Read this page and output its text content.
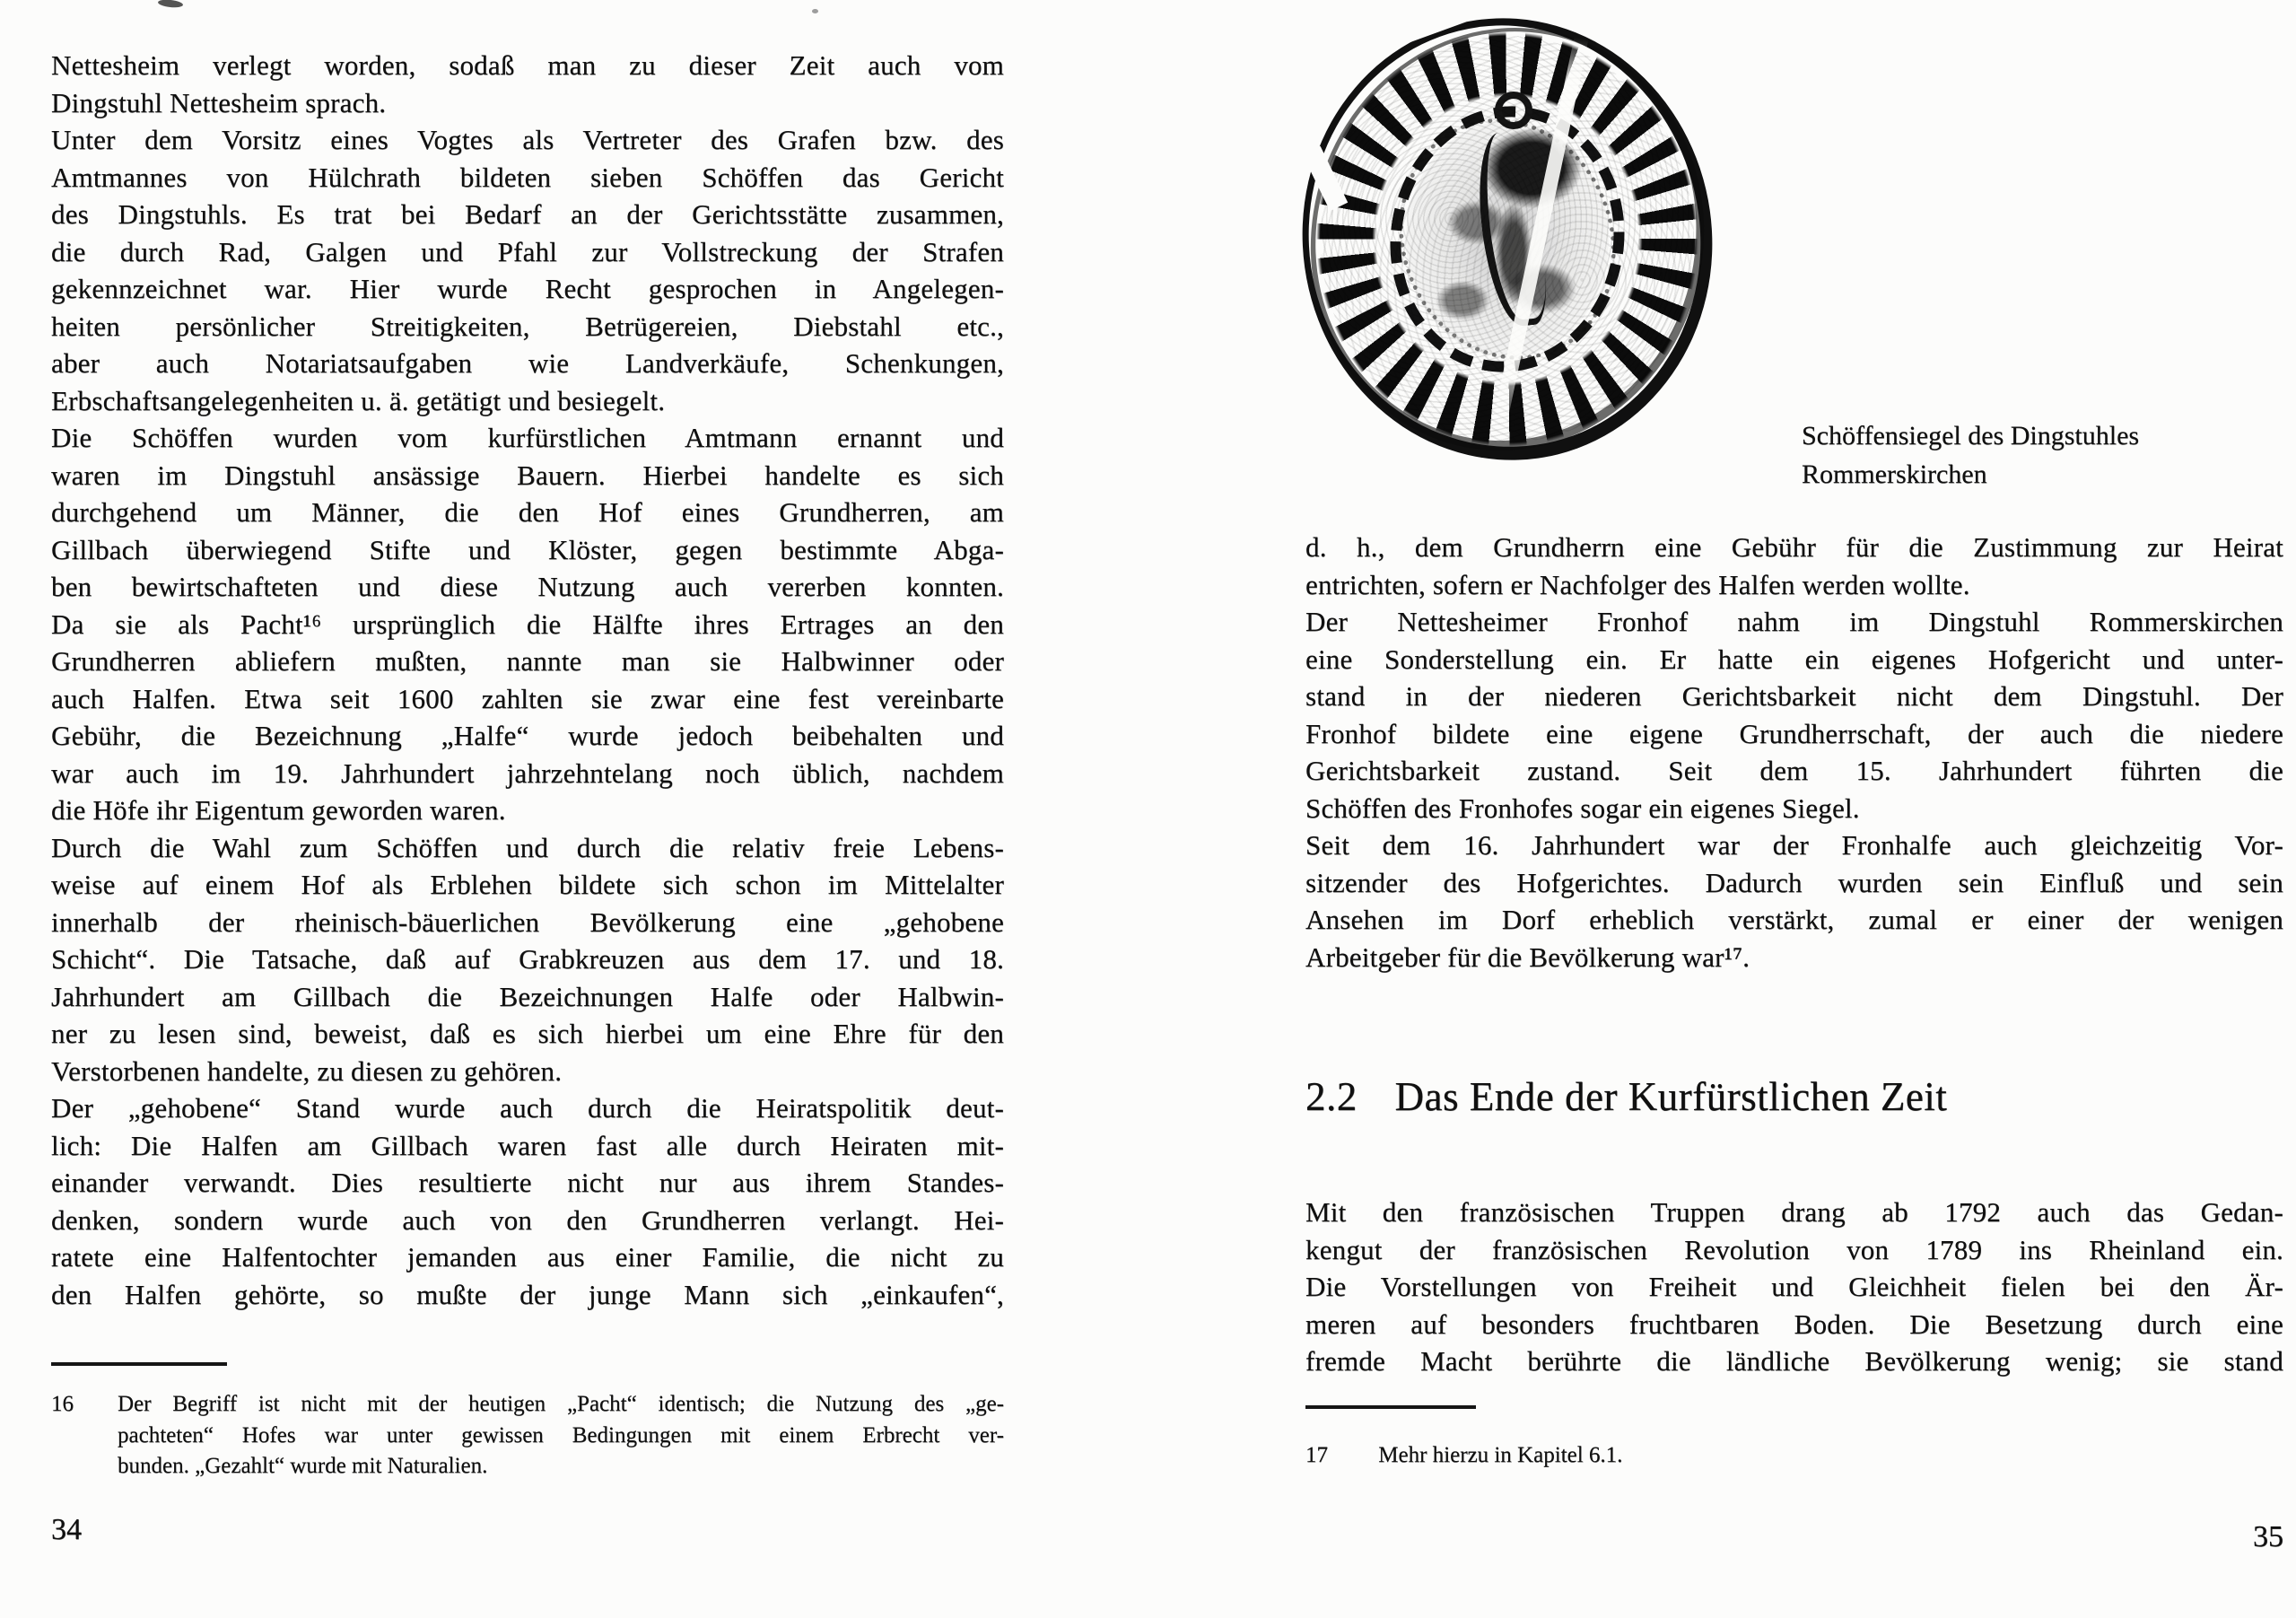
Nettesheim verlegt worden, sodaß man zu dieser Zeit auch vom
Dingstuhl Nettesheim sprach.
Unter dem Vorsitz eines Vogtes als Vertreter des Grafen bzw. des
Amtmannes von Hülchrath bildeten sieben Schöffen das Gericht
des Dingstuhls. Es trat bei Bedarf an der Gerichtsstätte zusammen,
die durch Rad, Galgen und Pfahl zur Vollstreckung der Strafen
gekennzeichnet war. Hier wurde Recht gesprochen in Angelegen-
heiten persönlicher Streitigkeiten, Betrügereien, Diebstahl etc.,
aber auch Notariatsaufgaben wie Landverkäufe, Schenkungen,
Erbschaftsangelegenheiten u. ä. getätigt und besiegelt.
Die Schöffen wurden vom kurfürstlichen Amtmann ernannt und
waren im Dingstuhl ansässige Bauern. Hierbei handelte es sich
durchgehend um Männer, die den Hof eines Grundherren, am
Gillbach überwiegend Stifte und Klöster, gegen bestimmte Abga-
ben bewirtschafteten und diese Nutzung auch vererben konnten.
Da sie als Pacht¹⁶ ursprünglich die Hälfte ihres Ertrages an den
Grundherren abliefern mußten, nannte man sie Halbwinner oder
auch Halfen. Etwa seit 1600 zahlten sie zwar eine fest vereinbarte
Gebühr, die Bezeichnung „Halfe“ wurde jedoch beibehalten und
war auch im 19. Jahrhundert jahrzehntelang noch üblich, nachdem
die Höfe ihr Eigentum geworden waren.
Durch die Wahl zum Schöffen und durch die relativ freie Lebens-
weise auf einem Hof als Erblehen bildete sich schon im Mittelalter
innerhalb der rheinisch-bäuerlichen Bevölkerung eine „gehobene
Schicht“. Die Tatsache, daß auf Grabkreuzen aus dem 17. und 18.
Jahrhundert am Gillbach die Bezeichnungen Halfe oder Halbwin-
ner zu lesen sind, beweist, daß es sich hierbei um eine Ehre für den
Verstorbenen handelte, zu diesen zu gehören.
Der „gehobene“ Stand wurde auch durch die Heiratspolitik deut-
lich: Die Halfen am Gillbach waren fast alle durch Heiraten mit-
einander verwandt. Dies resultierte nicht nur aus ihrem Standes-
denken, sondern wurde auch von den Grundherren verlangt. Hei-
ratete eine Halfentochter jemanden aus einer Familie, die nicht zu
den Halfen gehörte, so mußte der junge Mann sich „einkaufen“,
16 Der Begriff ist nicht mit der heutigen „Pacht“ identisch; die Nutzung des „ge-
pachteten“ Hofes war unter gewissen Bedingungen mit einem Erbrecht ver-
bunden. „Gezahlt“ wurde mit Naturalien.
34
Schöffensiegel des Dingstuhles
Rommerskirchen
d. h., dem Grundherrn eine Gebühr für die Zustimmung zur Heirat
entrichten, sofern er Nachfolger des Halfen werden wollte.
Der Nettesheimer Fronhof nahm im Dingstuhl Rommerskirchen
eine Sonderstellung ein. Er hatte ein eigenes Hofgericht und unter-
stand in der niederen Gerichtsbarkeit nicht dem Dingstuhl. Der
Fronhof bildete eine eigene Grundherrschaft, der auch die niedere
Gerichtsbarkeit zustand. Seit dem 15. Jahrhundert führten die
Schöffen des Fronhofes sogar ein eigenes Siegel.
Seit dem 16. Jahrhundert war der Fronhalfe auch gleichzeitig Vor-
sitzender des Hofgerichtes. Dadurch wurden sein Einfluß und sein
Ansehen im Dorf erheblich verstärkt, zumal er einer der wenigen
Arbeitgeber für die Bevölkerung war¹⁷.
2.2 Das Ende der Kurfürstlichen Zeit
Mit den französischen Truppen drang ab 1792 auch das Gedan-
kengut der französischen Revolution von 1789 ins Rheinland ein.
Die Vorstellungen von Freiheit und Gleichheit fielen bei den Är-
meren auf besonders fruchtbaren Boden. Die Besetzung durch eine
fremde Macht berührte die ländliche Bevölkerung wenig; sie stand
17 Mehr hierzu in Kapitel 6.1.
35
